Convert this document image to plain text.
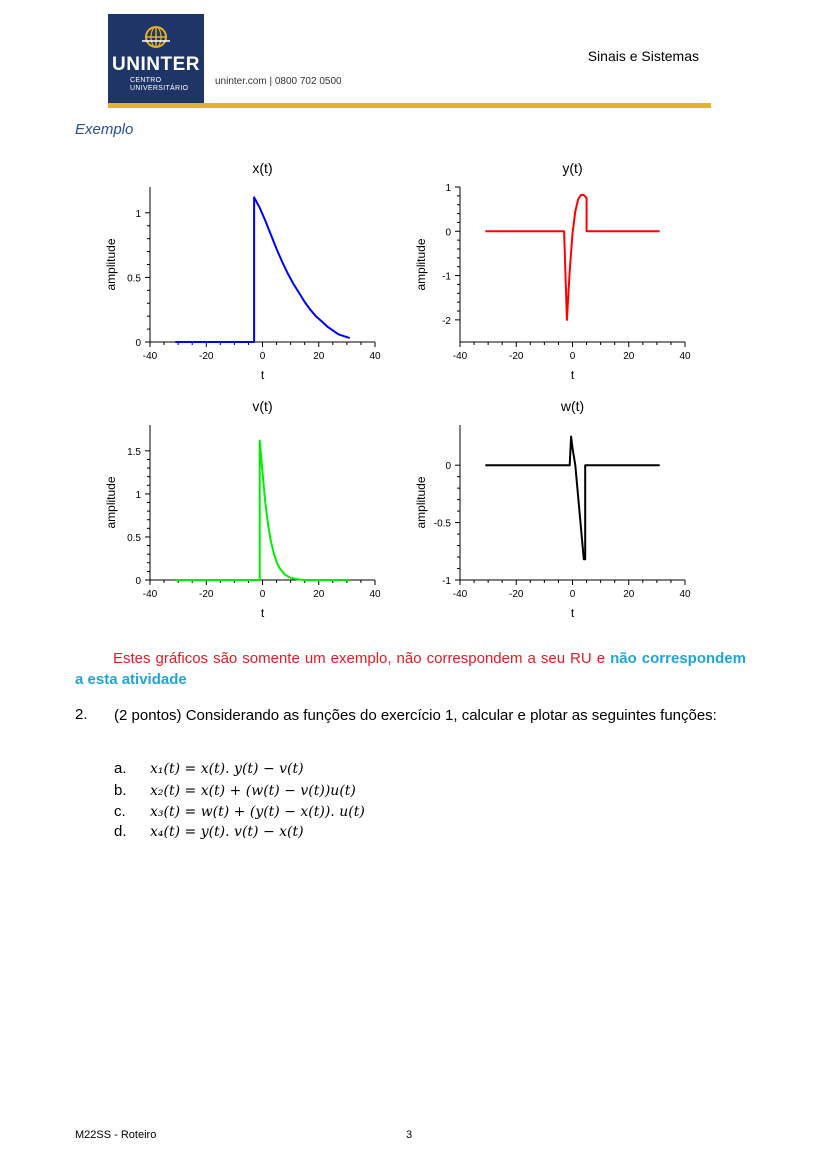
UNINTER
CENTRO
UNIVERSITÁRIO
uninter.com | 0800 702 0500
Sinais e Sistemas
Exemplo
x(t)
-40	-20	0	20	40
0
0.5
1
t
amplitude
y(t)
-40	-20	0	20	40
-2
-1
0
1
t
amplitude
v(t)
-40	-20	0	20	40
0
0.5
1
1.5
t
amplitude
w(t)
-40	-20	0	20	40
-1
-0.5
0
t
amplitude
Estes gráficos são somente um exemplo, não correspondem a seu RU e não correspondem a esta atividade
2. (2 pontos) Considerando as funções do exercício 1, calcular e plotar as seguintes funções:
a. x₁(t) = x(t). y(t) − v(t)
b. x₂(t) = x(t) + (w(t) − v(t))u(t)
c. x₃(t) = w(t) + (y(t) − x(t)). u(t)
d. x₄(t) = y(t). v(t) − x(t)
M22SS - Roteiro	3
